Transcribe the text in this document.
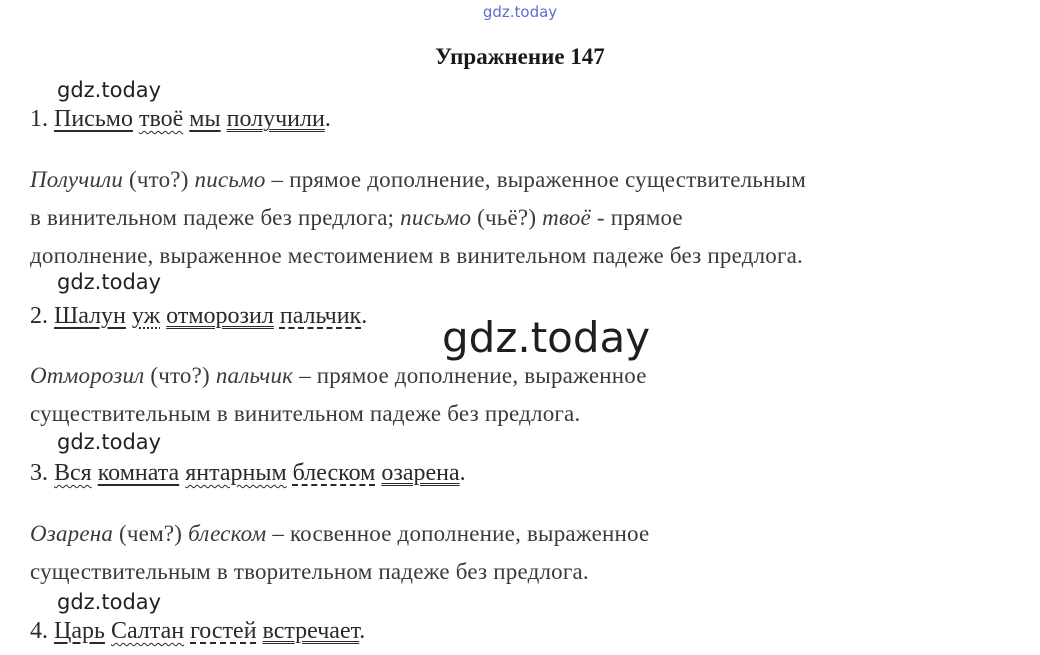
gdz.today
Упражнение 147
gdz.today
1. Письмо твоё мы получили.
Получили (что?) письмо – прямое дополнение, выраженное существительным
в винительном падеже без предлога; письмо (чьё?) твоё - прямое
дополнение, выраженное местоимением в винительном падеже без предлога.
gdz.today
2. Шалун уж отморозил пальчик. gdz.today
Отморозил (что?) пальчик – прямое дополнение, выраженное
существительным в винительном падеже без предлога.
gdz.today
3. Вся комната янтарным блеском озарена.
Озарена (чем?) блеском – косвенное дополнение, выраженное
существительным в творительном падеже без предлога.
gdz.today
4. Царь Салтан гостей встречает.
